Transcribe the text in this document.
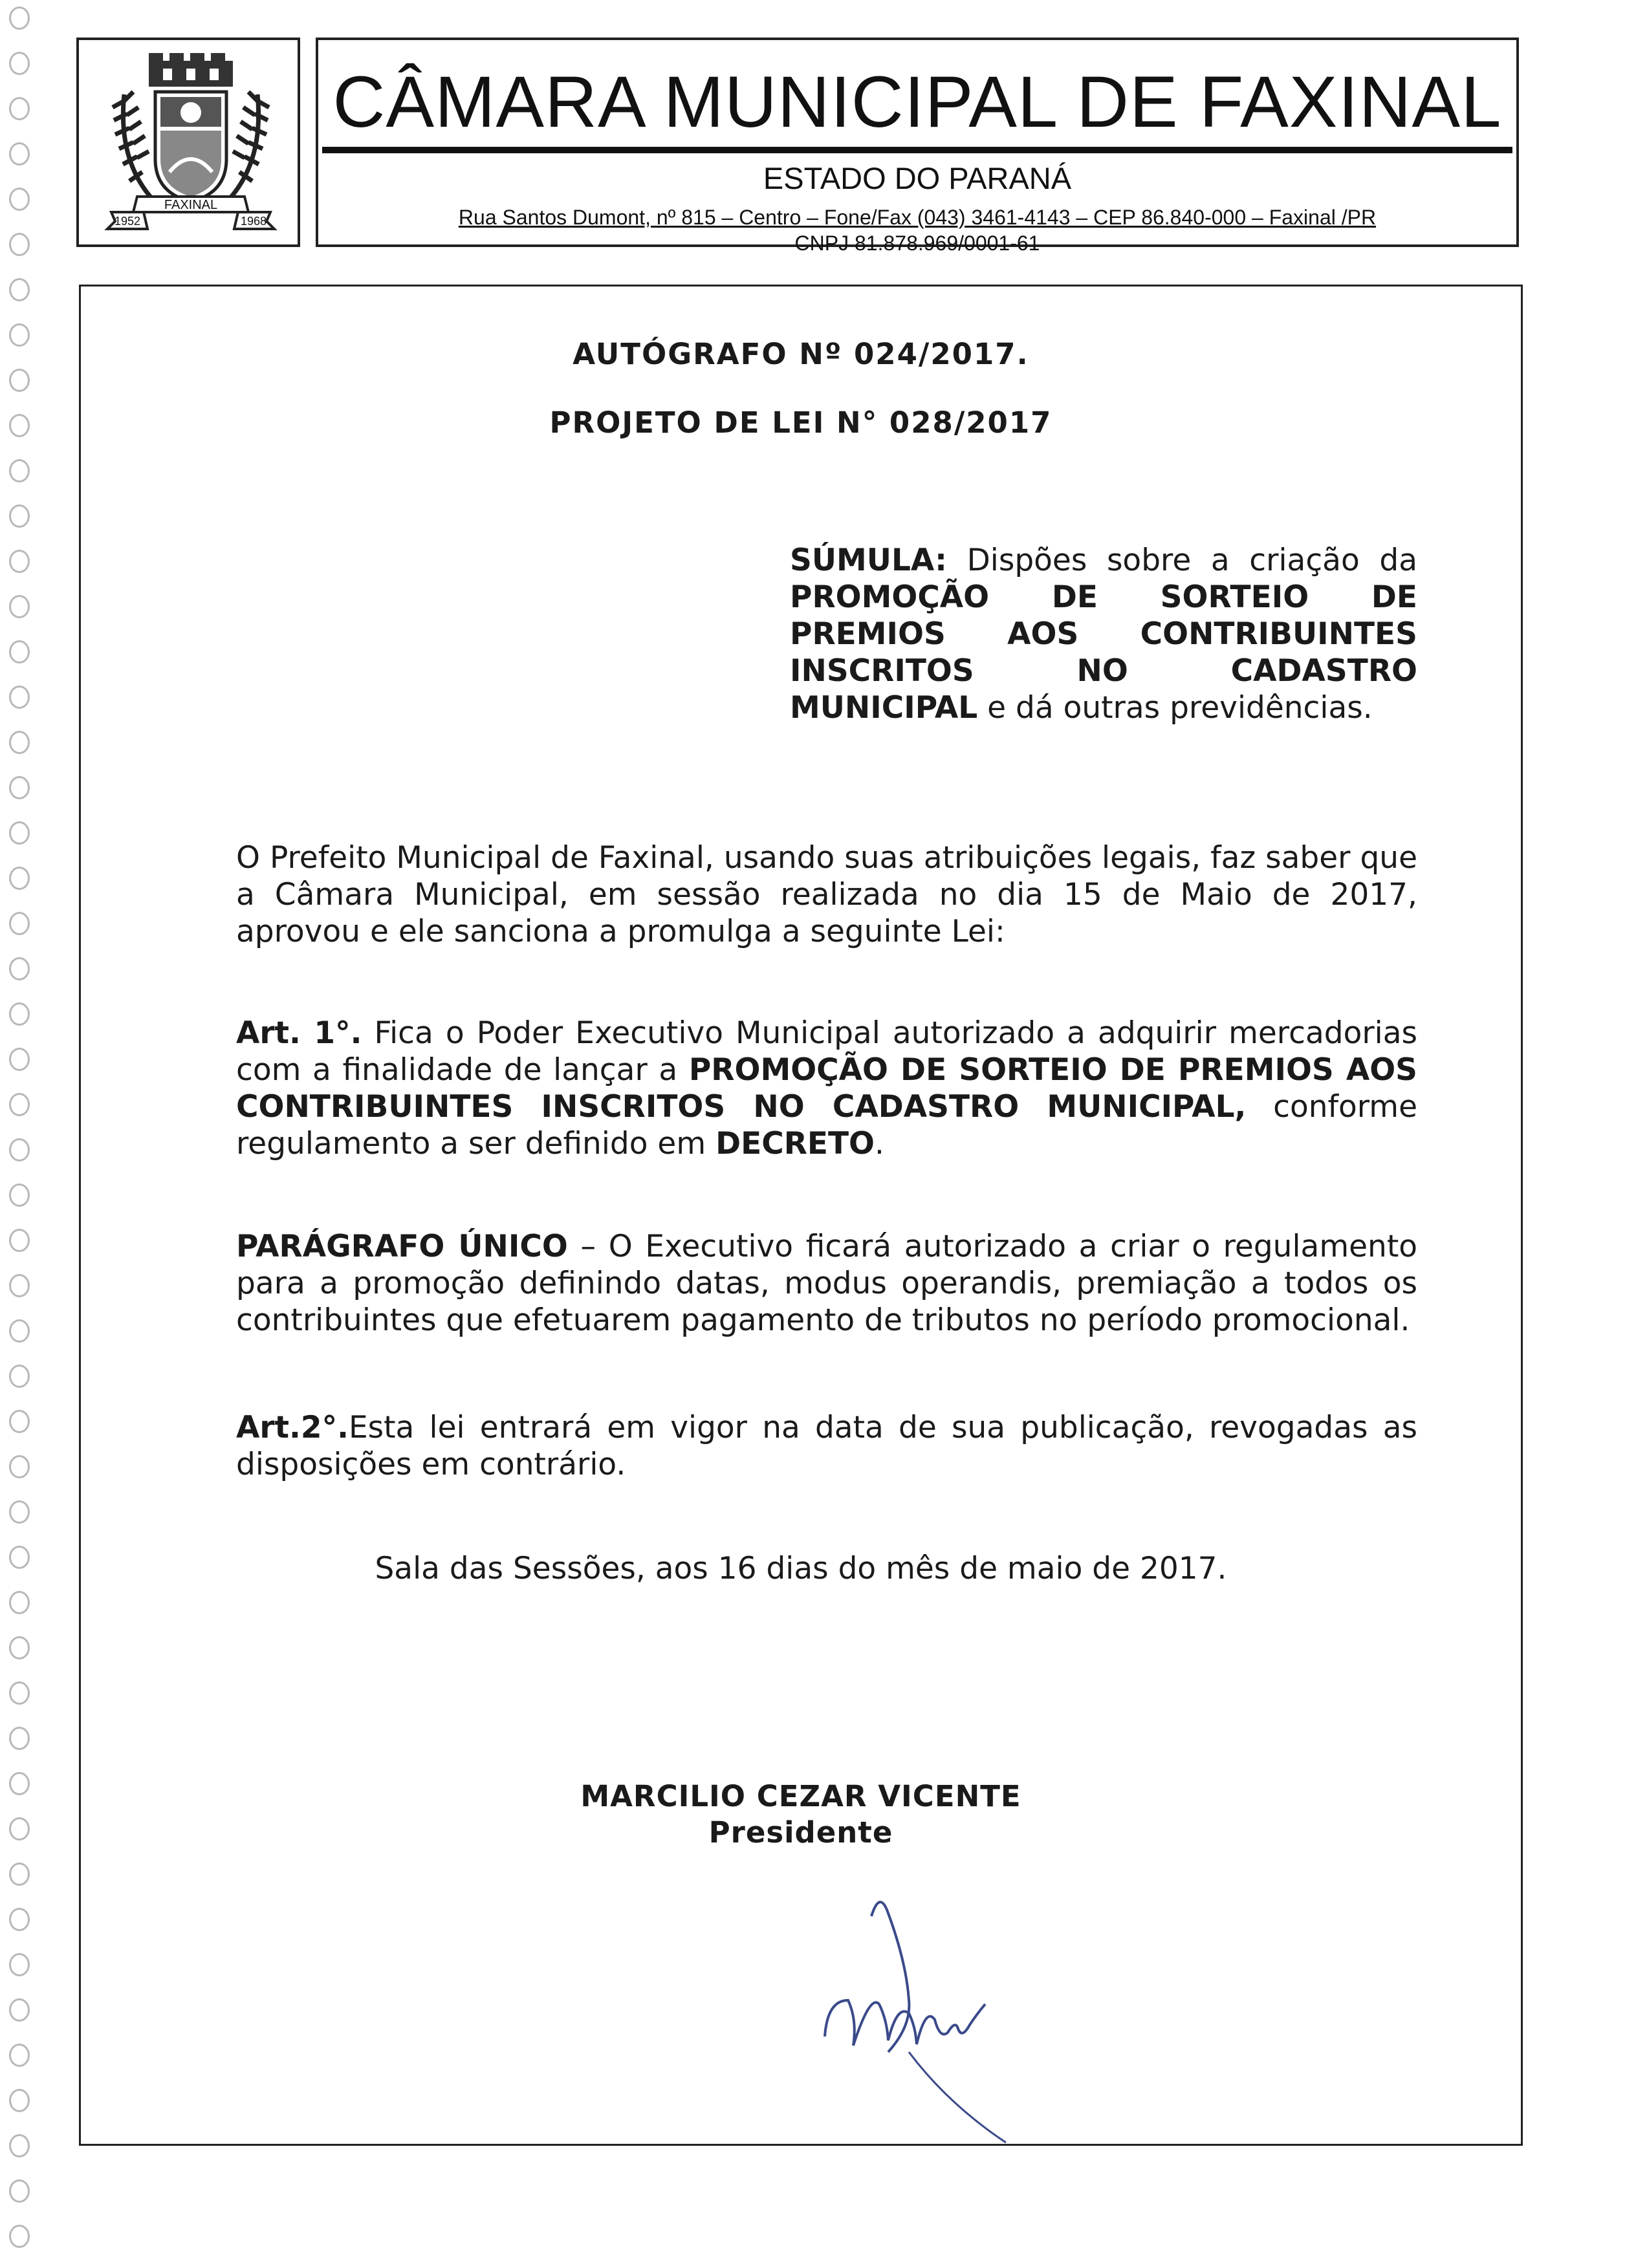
FAXINAL
1952	1968
CÂMARA MUNICIPAL DE FAXINAL
ESTADO DO PARANÁ
Rua Santos Dumont, nº 815 – Centro – Fone/Fax (043) 3461-4143 – CEP 86.840-000 – Faxinal /PR
CNPJ 81.878.969/0001-61
AUTÓGRAFO Nº 024/2017.
PROJETO DE LEI N° 028/2017
SÚMULA: Dispões sobre a criação da PROMOÇÃO DE SORTEIO DE PREMIOS AOS CONTRIBUINTES INSCRITOS NO CADASTRO MUNICIPAL e dá outras previdências.
O Prefeito Municipal de Faxinal, usando suas atribuições legais, faz saber que a Câmara Municipal, em sessão realizada no dia 15 de Maio de 2017, aprovou e ele sanciona a promulga a seguinte Lei:
Art. 1°. Fica o Poder Executivo Municipal autorizado a adquirir mercadorias com a finalidade de lançar a PROMOÇÃO DE SORTEIO DE PREMIOS AOS CONTRIBUINTES INSCRITOS NO CADASTRO MUNICIPAL, conforme regulamento a ser definido em DECRETO.
PARÁGRAFO ÚNICO – O Executivo ficará autorizado a criar o regulamento para a promoção definindo datas, modus operandis, premiação a todos os contribuintes que efetuarem pagamento de tributos no período promocional.
Art.2°.Esta lei entrará em vigor na data de sua publicação, revogadas as disposições em contrário.
Sala das Sessões, aos 16 dias do mês de maio de 2017.
MARCILIO CEZAR VICENTE
Presidente
